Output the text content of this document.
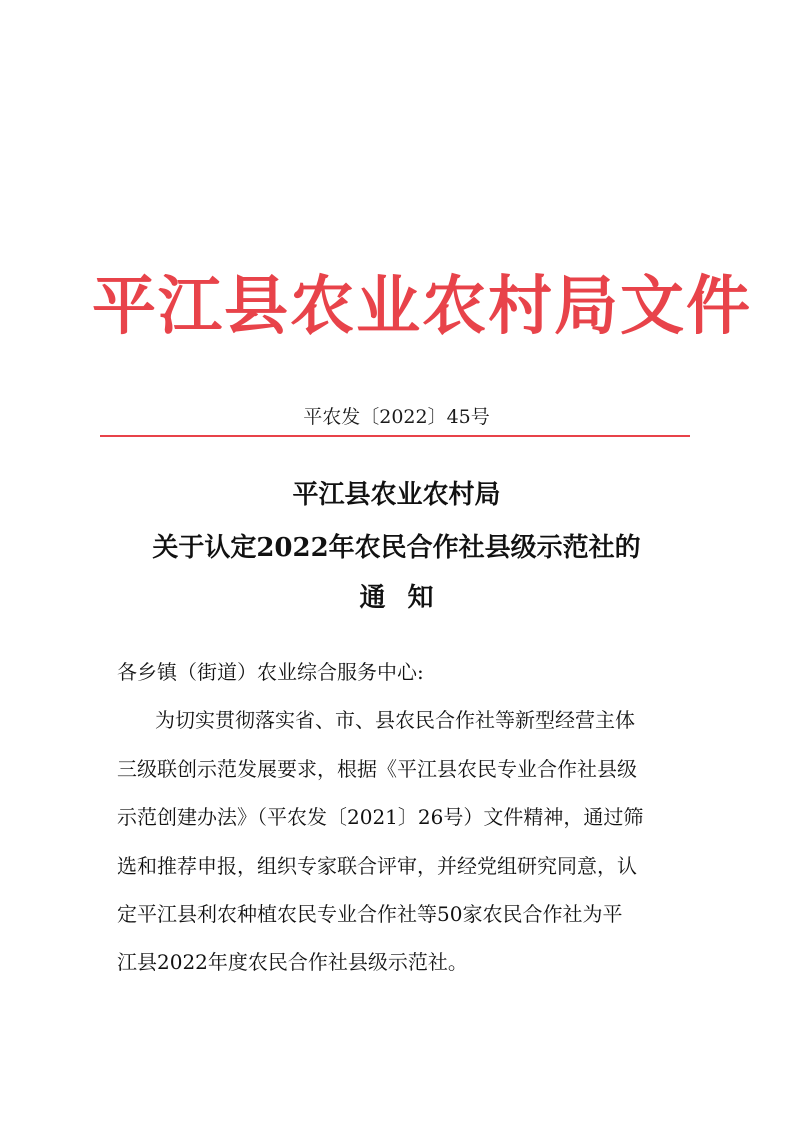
平江县农业农村局文件
平农发〔2022〕45号
平江县农业农村局
关于认定2022年农民合作社县级示范社的
通知
各乡镇（街道）农业综合服务中心:
为切实贯彻落实省、市、县农民合作社等新型经营主体
三级联创示范发展要求，根据《平江县农民专业合作社县级
示范创建办法》（平农发〔2021〕26号）文件精神，通过筛
选和推荐申报，组织专家联合评审，并经党组研究同意，认
定平江县利农种植农民专业合作社等50家农民合作社为平
江县2022年度农民合作社县级示范社。
